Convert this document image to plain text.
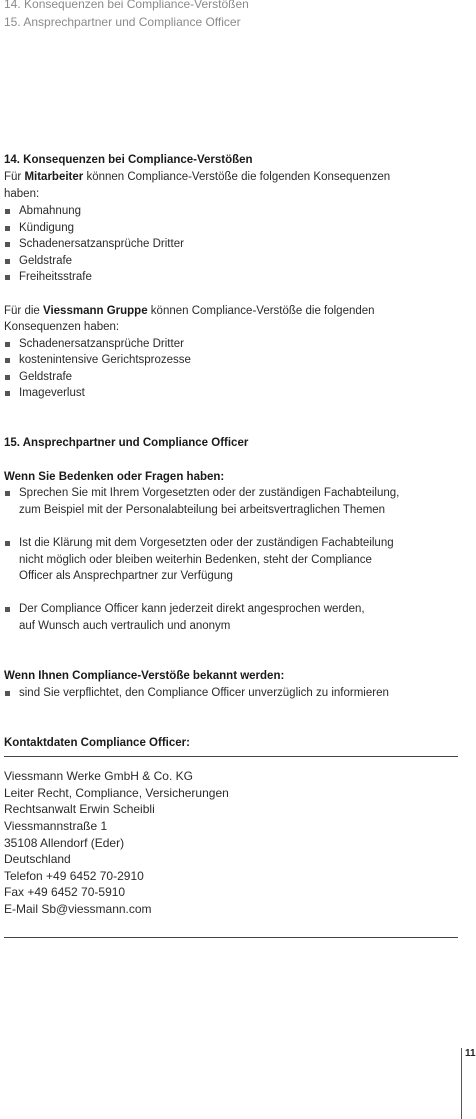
14. Konsequenzen bei Compliance-Verstößen
15. Ansprechpartner und Compliance Officer
14. Konsequenzen bei Compliance-Verstößen
Für Mitarbeiter können Compliance-Verstöße die folgenden Konsequenzen
haben:
Abmahnung
Kündigung
Schadenersatzansprüche Dritter
Geldstrafe
Freiheitsstrafe
Für die Viessmann Gruppe können Compliance-Verstöße die folgenden
Konsequenzen haben:
Schadenersatzansprüche Dritter
kostenintensive Gerichtsprozesse
Geldstrafe
Imageverlust
15. Ansprechpartner und Compliance Officer
Wenn Sie Bedenken oder Fragen haben:
Sprechen Sie mit Ihrem Vorgesetzten oder der zuständigen Fachabteilung,
zum Beispiel mit der Personalabteilung bei arbeitsvertraglichen Themen
Ist die Klärung mit dem Vorgesetzten oder der zuständigen Fachabteilung
nicht möglich oder bleiben weiterhin Bedenken, steht der Compliance
Officer als Ansprechpartner zur Verfügung
Der Compliance Officer kann jederzeit direkt angesprochen werden,
auf Wunsch auch vertraulich und anonym
Wenn Ihnen Compliance-Verstöße bekannt werden:
sind Sie verpflichtet, den Compliance Officer unverzüglich zu informieren
Kontaktdaten Compliance Officer:
Viessmann Werke GmbH & Co. KG
Leiter Recht, Compliance, Versicherungen
Rechtsanwalt Erwin Scheibli
Viessmannstraße 1
35108 Allendorf (Eder)
Deutschland
Telefon +49 6452 70-2910
Fax +49 6452 70-5910
E-Mail Sb@viessmann.com
11
